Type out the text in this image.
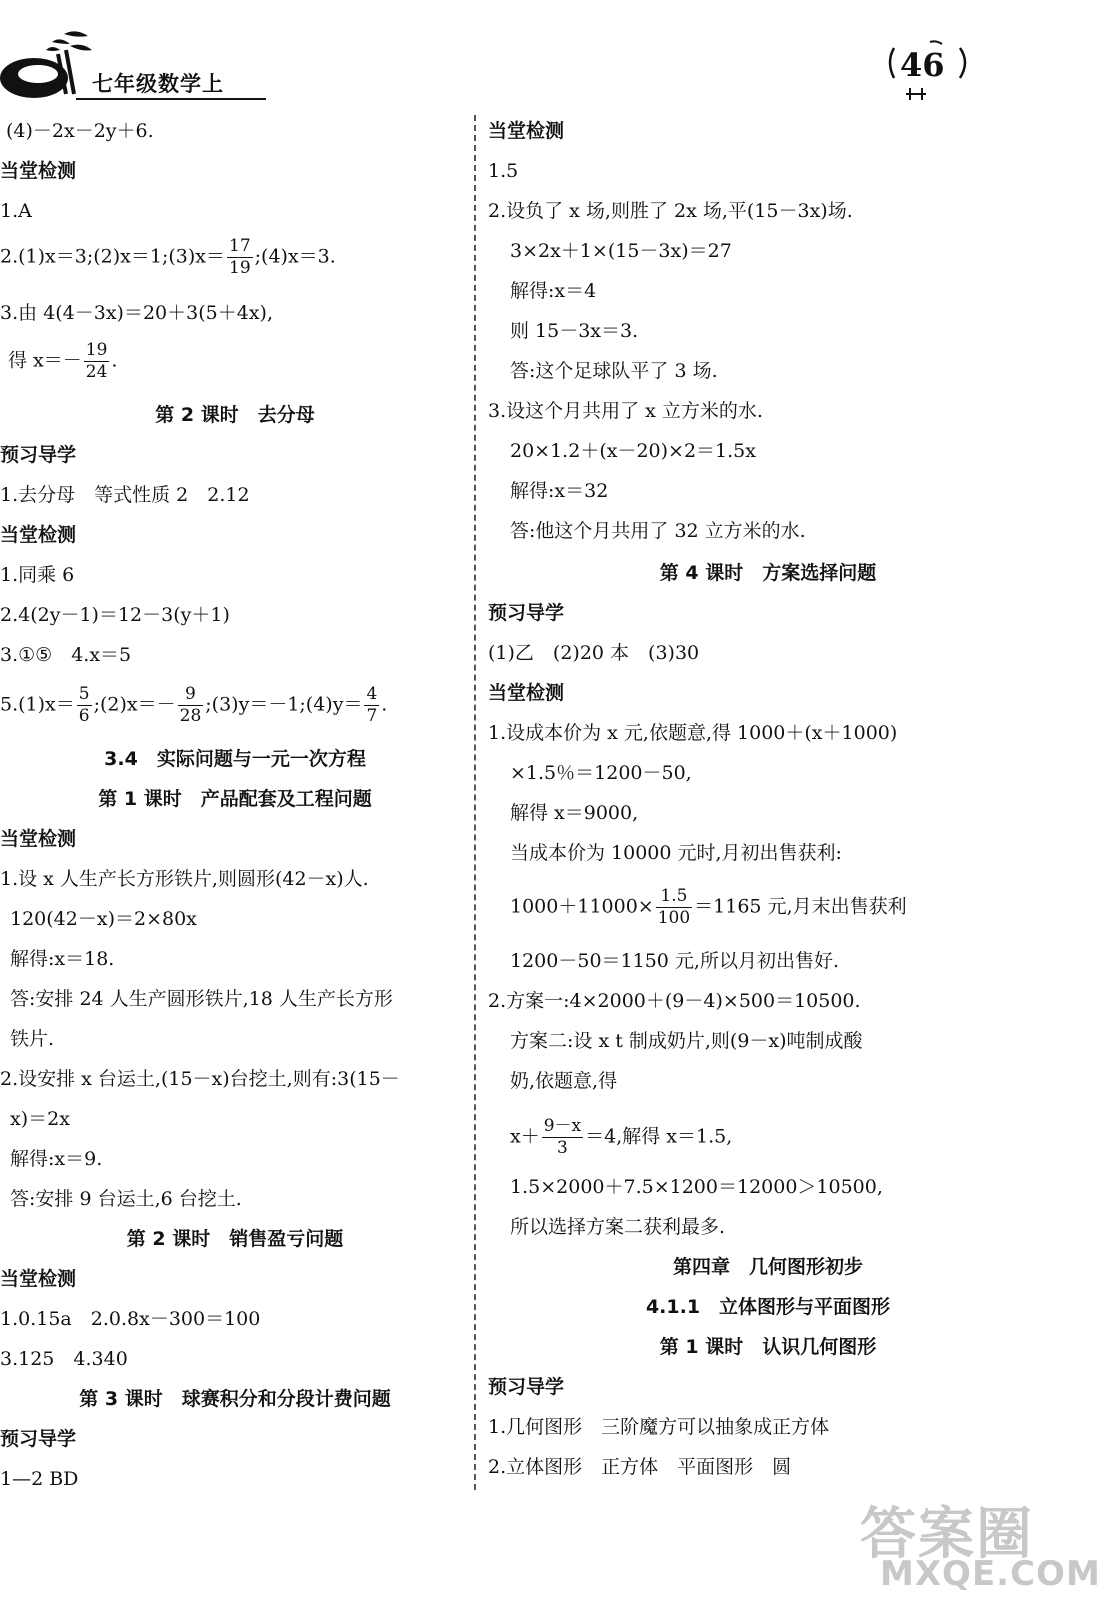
七年级数学上	46
(4)－2x－2y＋6.
当堂检测
1.A
2.(1)x＝3;(2)x＝1;(3)x＝ $\frac{17}{19}$ ;(4)x＝3.
3.由 4(4－3x)＝20＋3(5＋4x),
得 $x=- \frac{19}{24}$ .
第 2 课时　去分母
预习导学
1.去分母　等式性质 2　2.12
当堂检测
1.同乘 6
2.4(2y－1)＝12－3(y＋1)
3.①⑤　4.x＝5
$5.(1)x= \frac{5}{6}$ ;(2)x＝－ $\frac{9}{28}$ ;(3)y＝－1;(4)y＝ $\frac{4}{7}$ .
3.4　实际问题与一元一次方程
第 1 课时　产品配套及工程问题
当堂检测
1.设 x 人生产长方形铁片,则圆形(42－x)人.
120(42－x)＝2×80x
解得:x＝18.
答:安排 24 人生产圆形铁片,18 人生产长方形
铁片.
2.设安排 x 台运土,(15－x)台挖土,则有:3(15－
x)＝2x
解得:x＝9.
答:安排 9 台运土,6 台挖土.
第 2 课时　销售盈亏问题
当堂检测
1.0.15a　2.0.8x－300＝100
3.125　4.340
第 3 课时　球赛积分和分段计费问题
预习导学
1—2 BD
当堂检测
1.5
2.设负了 x 场,则胜了 2x 场,平(15－3x)场.
3×2x＋1×(15－3x)＝27
解得:x＝4
则 15－3x＝3.
答:这个足球队平了 3 场.
3.设这个月共用了 x 立方米的水.
20×1.2＋(x－20)×2＝1.5x
解得:x＝32
答:他这个月共用了 32 立方米的水.
第 4 课时　方案选择问题
预习导学
(1)乙　(2)20 本　(3)30
当堂检测
1.设成本价为 x 元,依题意,得 1000＋(x＋1000)
×1.5％＝1200－50,
解得 x＝9000,
当成本价为 10000 元时,月初出售获利:
$1000+11000\times \frac{1.5}{100} =1165$ 元,月末出售获利
1200－50＝1150 元,所以月初出售好.
2.方案一:4×2000＋(9－4)×500＝10500.
方案二:设 x t 制成奶片,则(9－x)吨制成酸
奶,依题意,得
$x+ \frac{9-x}{3} =4$,解得 x＝1.5,
1.5×2000＋7.5×1200＝12000＞10500,
所以选择方案二获利最多.
第四章　几何图形初步
4.1.1　立体图形与平面图形
第 1 课时　认识几何图形
预习导学
1.几何图形　三阶魔方可以抽象成正方体
2.立体图形　正方体　平面图形　圆
答案圈
MXQE.COM
